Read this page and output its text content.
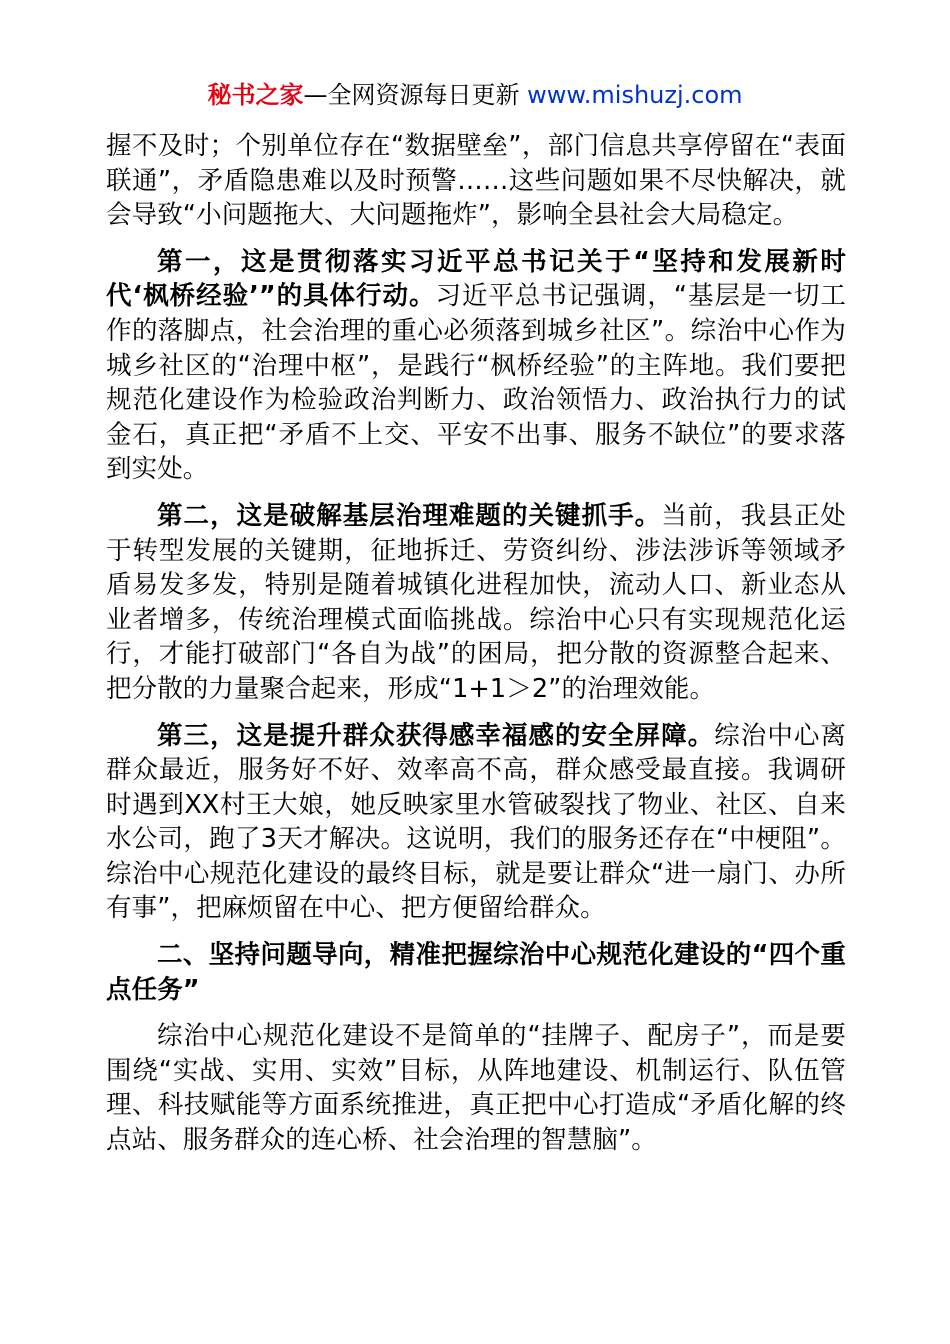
秘书之家—全网资源每日更新 www.mishuzj.com

握不及时；个别单位存在“数据壁垒”，部门信息共享停留在“表面联通”，矛盾隐患难以及时预警……这些问题如果不尽快解决，就会导致“小问题拖大、大问题拖炸”，影响全县社会大局稳定。

第一，这是贯彻落实习近平总书记关于“坚持和发展新时代‘枫桥经验’”的具体行动。习近平总书记强调，“基层是一切工作的落脚点，社会治理的重心必须落到城乡社区”。综治中心作为城乡社区的“治理中枢”，是践行“枫桥经验”的主阵地。我们要把规范化建设作为检验政治判断力、政治领悟力、政治执行力的试金石，真正把“矛盾不上交、平安不出事、服务不缺位”的要求落到实处。

第二，这是破解基层治理难题的关键抓手。当前，我县正处于转型发展的关键期，征地拆迁、劳资纠纷、涉法涉诉等领域矛盾易发多发，特别是随着城镇化进程加快，流动人口、新业态从业者增多，传统治理模式面临挑战。综治中心只有实现规范化运行，才能打破部门“各自为战”的困局，把分散的资源整合起来、把分散的力量聚合起来，形成“1+1＞2”的治理效能。

第三，这是提升群众获得感幸福感的安全屏障。综治中心离群众最近，服务好不好、效率高不高，群众感受最直接。我调研时遇到XX村王大娘，她反映家里水管破裂找了物业、社区、自来水公司，跑了3天才解决。这说明，我们的服务还存在“中梗阻”。综治中心规范化建设的最终目标，就是要让群众“进一扇门、办所有事”，把麻烦留在中心、把方便留给群众。

二、坚持问题导向，精准把握综治中心规范化建设的“四个重点任务”

综治中心规范化建设不是简单的“挂牌子、配房子”，而是要围绕“实战、实用、实效”目标，从阵地建设、机制运行、队伍管理、科技赋能等方面系统推进，真正把中心打造成“矛盾化解的终点站、服务群众的连心桥、社会治理的智慧脑”。
